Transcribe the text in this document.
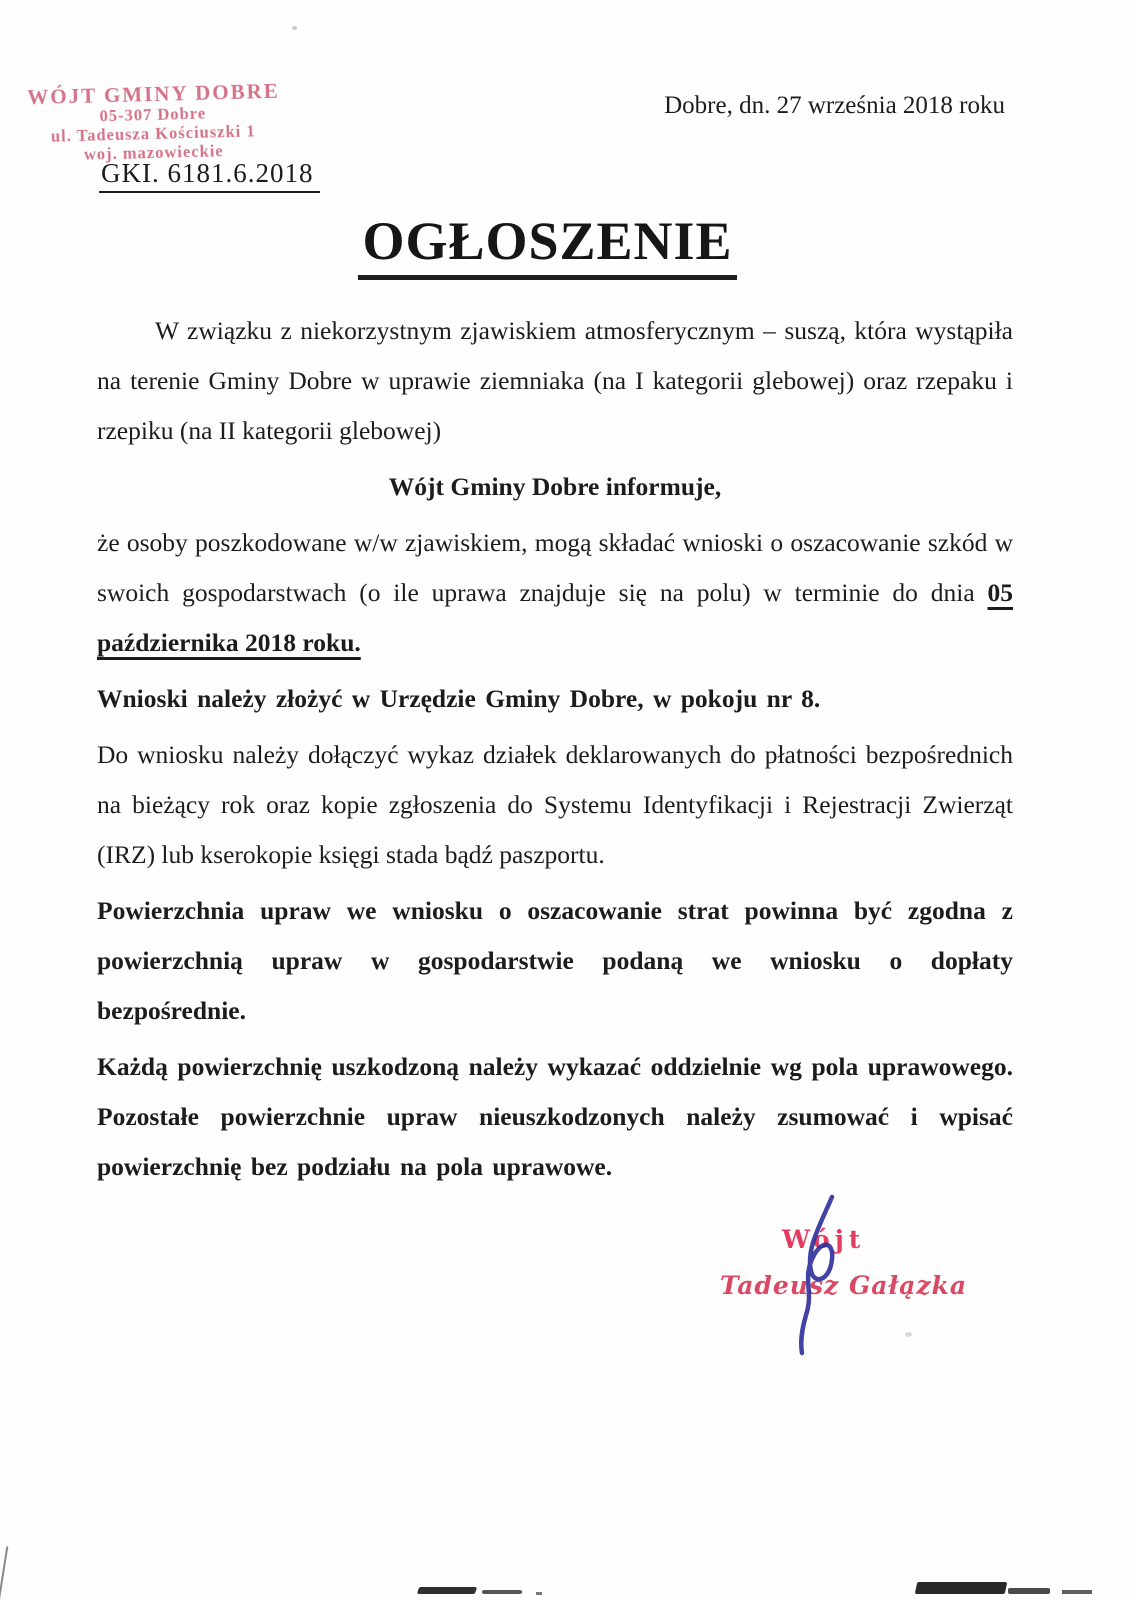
WÓJT GMINY DOBRE
05-307 Dobre
ul. Tadeusza Kościuszki 1
woj. mazowieckie
Dobre, dn. 27 września 2018 roku
GKI. 6181.6.2018
OGŁOSZENIE

W związku z niekorzystnym zjawiskiem atmosferycznym – suszą, która wystąpiła na terenie Gminy Dobre w uprawie ziemniaka (na I kategorii glebowej) oraz rzepaku i rzepiku (na II kategorii glebowej)

Wójt Gminy Dobre informuje,

że osoby poszkodowane w/w zjawiskiem, mogą składać wnioski o oszacowanie szkód w swoich gospodarstwach (o ile uprawa znajduje się na polu) w terminie do dnia 05 października 2018 roku.

Wnioski należy złożyć w Urzędzie Gminy Dobre, w pokoju nr 8.

Do wniosku należy dołączyć wykaz działek deklarowanych do płatności bezpośrednich na bieżący rok oraz kopie zgłoszenia do Systemu Identyfikacji i Rejestracji Zwierząt (IRZ) lub kserokopie księgi stada bądź paszportu.

Powierzchnia upraw we wniosku o oszacowanie strat powinna być zgodna z powierzchnią upraw w gospodarstwie podaną we wniosku o dopłaty bezpośrednie.

Każdą powierzchnię uszkodzoną należy wykazać oddzielnie wg pola uprawowego. Pozostałe powierzchnie upraw nieuszkodzonych należy zsumować i wpisać powierzchnię bez podziału na pola uprawowe.

Wójt
Tadeusz Gałązka
